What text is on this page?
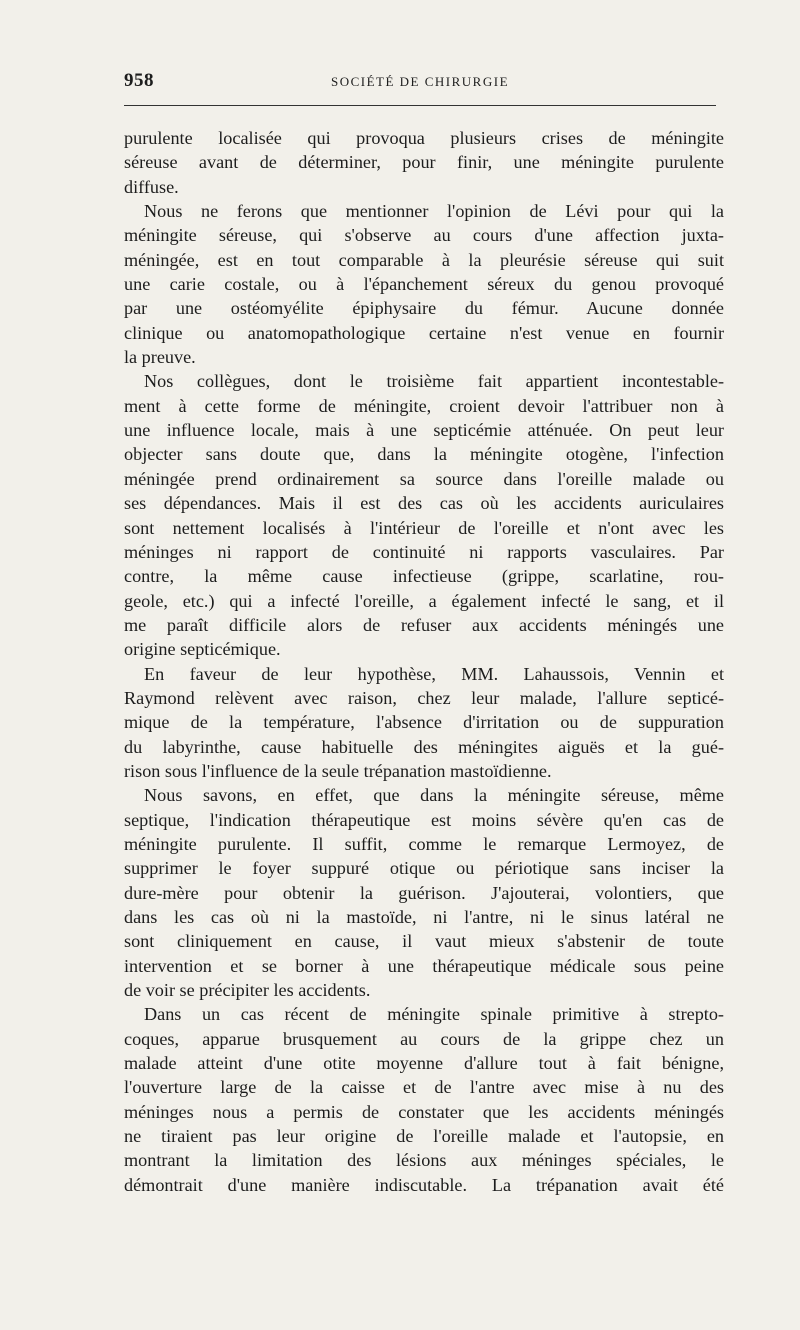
958	SOCIÉTÉ DE CHIRURGIE
purulente localisée qui provoqua plusieurs crises de méningite
séreuse avant de déterminer, pour finir, une méningite purulente
diffuse.
Nous ne ferons que mentionner l'opinion de Lévi pour qui la
méningite séreuse, qui s'observe au cours d'une affection juxta-
méningée, est en tout comparable à la pleurésie séreuse qui suit
une carie costale, ou à l'épanchement séreux du genou provoqué
par une ostéomyélite épiphysaire du fémur. Aucune donnée
clinique ou anatomopathologique certaine n'est venue en fournir
la preuve.
Nos collègues, dont le troisième fait appartient incontestable-
ment à cette forme de méningite, croient devoir l'attribuer non à
une influence locale, mais à une septicémie atténuée. On peut leur
objecter sans doute que, dans la méningite otogène, l'infection
méningée prend ordinairement sa source dans l'oreille malade ou
ses dépendances. Mais il est des cas où les accidents auriculaires
sont nettement localisés à l'intérieur de l'oreille et n'ont avec les
méninges ni rapport de continuité ni rapports vasculaires. Par
contre, la même cause infectieuse (grippe, scarlatine, rou-
geole, etc.) qui a infecté l'oreille, a également infecté le sang, et il
me paraît difficile alors de refuser aux accidents méningés une
origine septicémique.
En faveur de leur hypothèse, MM. Lahaussois, Vennin et
Raymond relèvent avec raison, chez leur malade, l'allure septicé-
mique de la température, l'absence d'irritation ou de suppuration
du labyrinthe, cause habituelle des méningites aiguës et la gué-
rison sous l'influence de la seule trépanation mastoïdienne.
Nous savons, en effet, que dans la méningite séreuse, même
septique, l'indication thérapeutique est moins sévère qu'en cas de
méningite purulente. Il suffit, comme le remarque Lermoyez, de
supprimer le foyer suppuré otique ou périotique sans inciser la
dure-mère pour obtenir la guérison. J'ajouterai, volontiers, que
dans les cas où ni la mastoïde, ni l'antre, ni le sinus latéral ne
sont cliniquement en cause, il vaut mieux s'abstenir de toute
intervention et se borner à une thérapeutique médicale sous peine
de voir se précipiter les accidents.
Dans un cas récent de méningite spinale primitive à strepto-
coques, apparue brusquement au cours de la grippe chez un
malade atteint d'une otite moyenne d'allure tout à fait bénigne,
l'ouverture large de la caisse et de l'antre avec mise à nu des
méninges nous a permis de constater que les accidents méningés
ne tiraient pas leur origine de l'oreille malade et l'autopsie, en
montrant la limitation des lésions aux méninges spéciales, le
démontrait d'une manière indiscutable. La trépanation avait été
